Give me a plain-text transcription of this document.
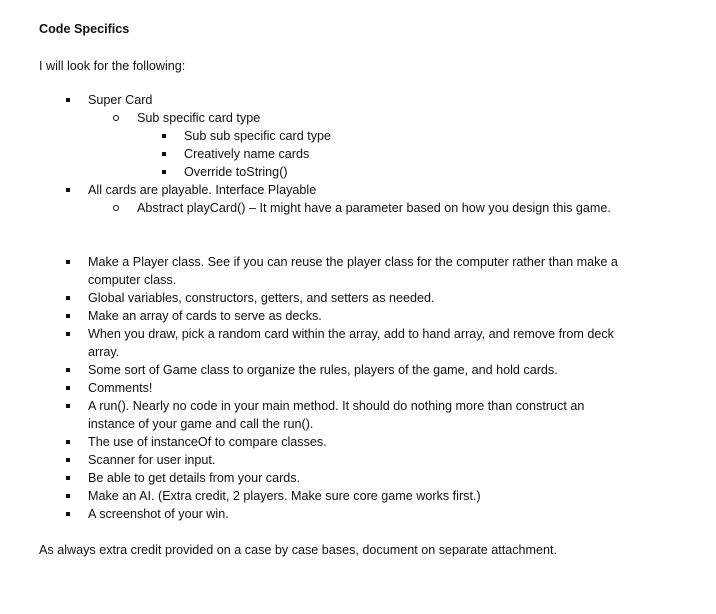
Code Specifics
I will look for the following:
Super Card
Sub specific card type
Sub sub specific card type
Creatively name cards
Override toString()
All cards are playable. Interface Playable
Abstract playCard() – It might have a parameter based on how you design this game.
Make a Player class. See if you can reuse the player class for the computer rather than make a
computer class.
Global variables, constructors, getters, and setters as needed.
Make an array of cards to serve as decks.
When you draw, pick a random card within the array, add to hand array, and remove from deck
array.
Some sort of Game class to organize the rules, players of the game, and hold cards.
Comments!
A run(). Nearly no code in your main method. It should do nothing more than construct an
instance of your game and call the run().
The use of instanceOf to compare classes.
Scanner for user input.
Be able to get details from your cards.
Make an AI. (Extra credit, 2 players. Make sure core game works first.)
A screenshot of your win.
As always extra credit provided on a case by case bases, document on separate attachment.
